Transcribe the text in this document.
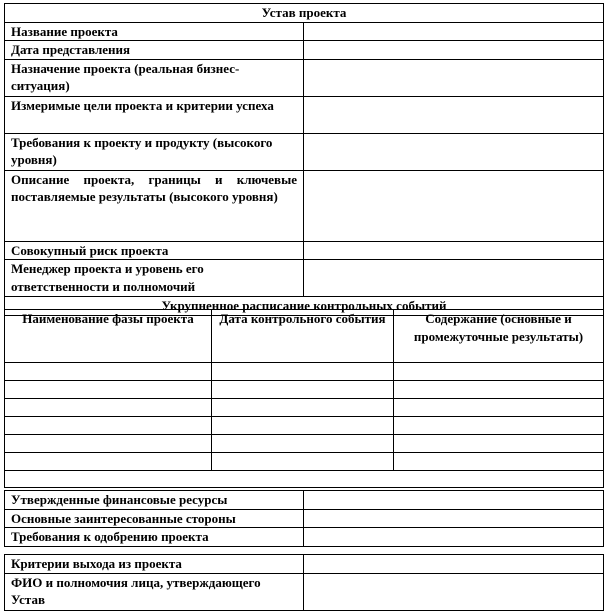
Устав проекта	
Название проекта	
Дата представления	
Назначение проекта (реальная бизнес-ситуация)	
Измеримые цели проекта и критерии успеха	
Требования к проекту и продукту (высокого уровня)	

Описание проекта, границы и ключевые
поставляемые результаты (высокого уровня)	

Совокупный риск проекта	
Менеджер проекта и уровень его ответственности и полномочий	
Укрупненное расписание контрольных событий	
Наименование фазы проекта	Дата контрольного события	Содержание (основные и промежуточные результаты)

Утвержденные финансовые ресурсы	
Основные заинтересованные стороны	
Требования к одобрению проекта	
Критерии выхода из проекта	
ФИО и полномочия лица, утверждающего Устав	
